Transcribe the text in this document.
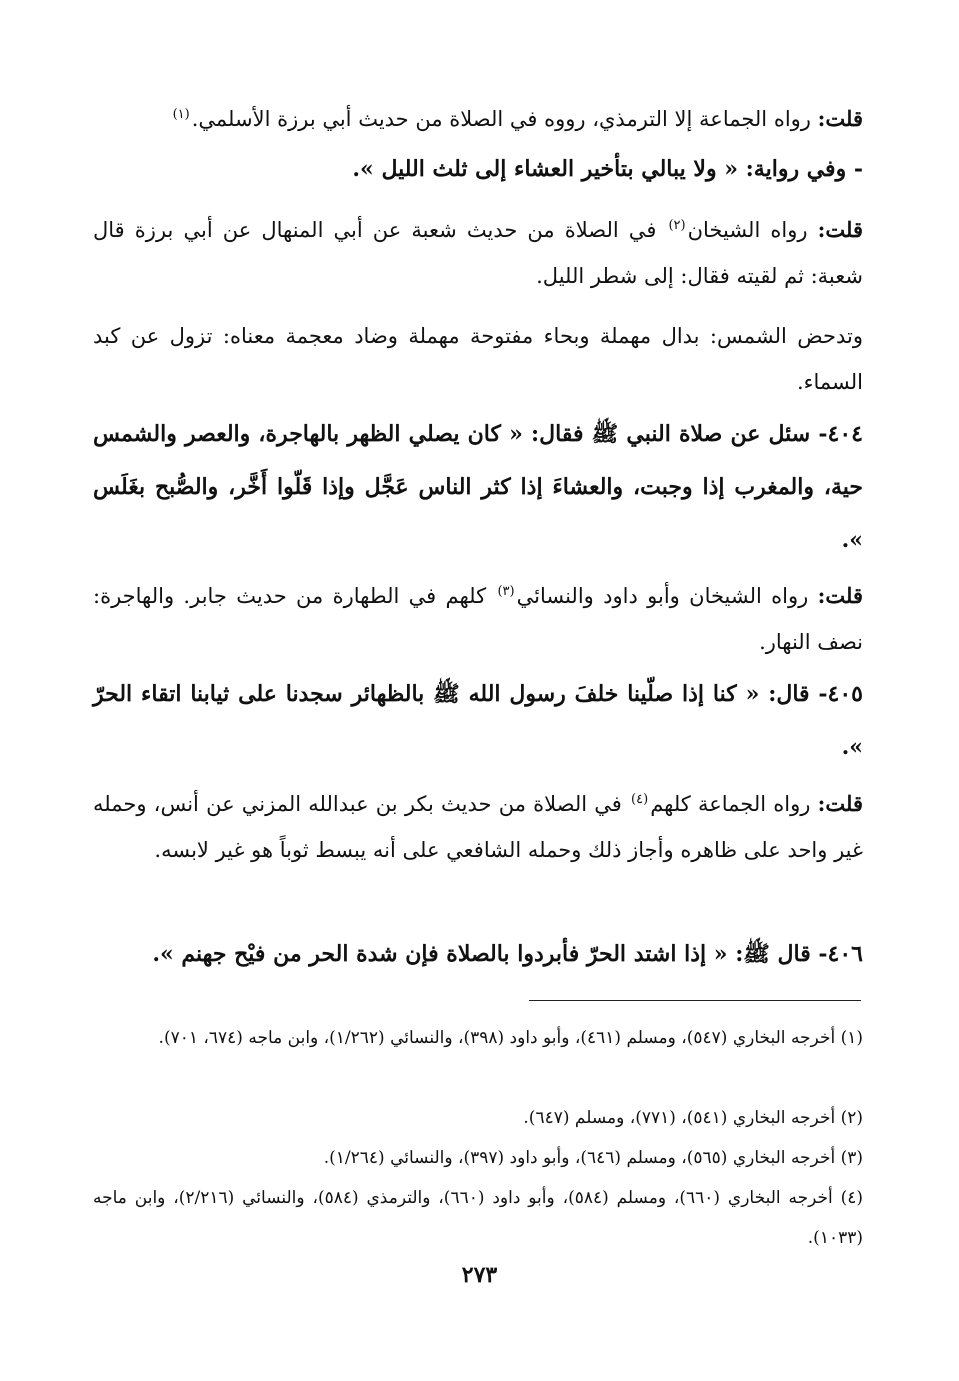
قلت: رواه الجماعة إلا الترمذي، رووه في الصلاة من حديث أبي برزة الأسلمي.$^{(١)}$

- وفي رواية: « ولا يبالي بتأخير العشاء إلى ثلث الليل ».

قلت: رواه الشيخان$^{(٢)}$ في الصلاة من حديث شعبة عن أبي المنهال عن أبي برزة قال شعبة: ثم لقيته فقال: إلى شطر الليل.

وتدحض الشمس: بدال مهملة وبحاء مفتوحة مهملة وضاد معجمة معناه: تزول عن كبد السماء.

٤٠٤- سئل عن صلاة النبي ﷺ فقال: « كان يصلي الظهر بالهاجرة، والعصر والشمس حية، والمغرب إذا وجبت، والعشاءَ إذا كثر الناس عَجَّل وإذا قَلّوا أَخَّر، والصُّبح بغَلَس ».

قلت: رواه الشيخان وأبو داود والنسائي$^{(٣)}$ كلهم في الطهارة من حديث جابر. والهاجرة: نصف النهار.

٤٠٥- قال: « كنا إذا صلّينا خلفَ رسول الله ﷺ بالظهائر سجدنا على ثيابنا اتقاء الحرّ ».

قلت: رواه الجماعة كلهم$^{(٤)}$ في الصلاة من حديث بكر بن عبدالله المزني عن أنس، وحمله غير واحد على ظاهره وأجاز ذلك وحمله الشافعي على أنه يبسط ثوباً هو غير لابسه.

٤٠٦- قال ﷺ: « إذا اشتد الحرّ فأبردوا بالصلاة فإن شدة الحر من فيْح جهنم ».

(١) أخرجه البخاري (٥٤٧)، ومسلم (٤٦١)، وأبو داود (٣٩٨)، والنسائي (١/٢٦٢)، وابن ماجه (٦٧٤، ٧٠١).

(٢) أخرجه البخاري (٥٤١)، (٧٧١)، ومسلم (٦٤٧).

(٣) أخرجه البخاري (٥٦٥)، ومسلم (٦٤٦)، وأبو داود (٣٩٧)، والنسائي (١/٢٦٤).

(٤) أخرجه البخاري (٦٦٠)، ومسلم (٥٨٤)، وأبو داود (٦٦٠)، والترمذي (٥٨٤)، والنسائي (٢/٢١٦)، وابن ماجه (١٠٣٣).

٢٧٣
